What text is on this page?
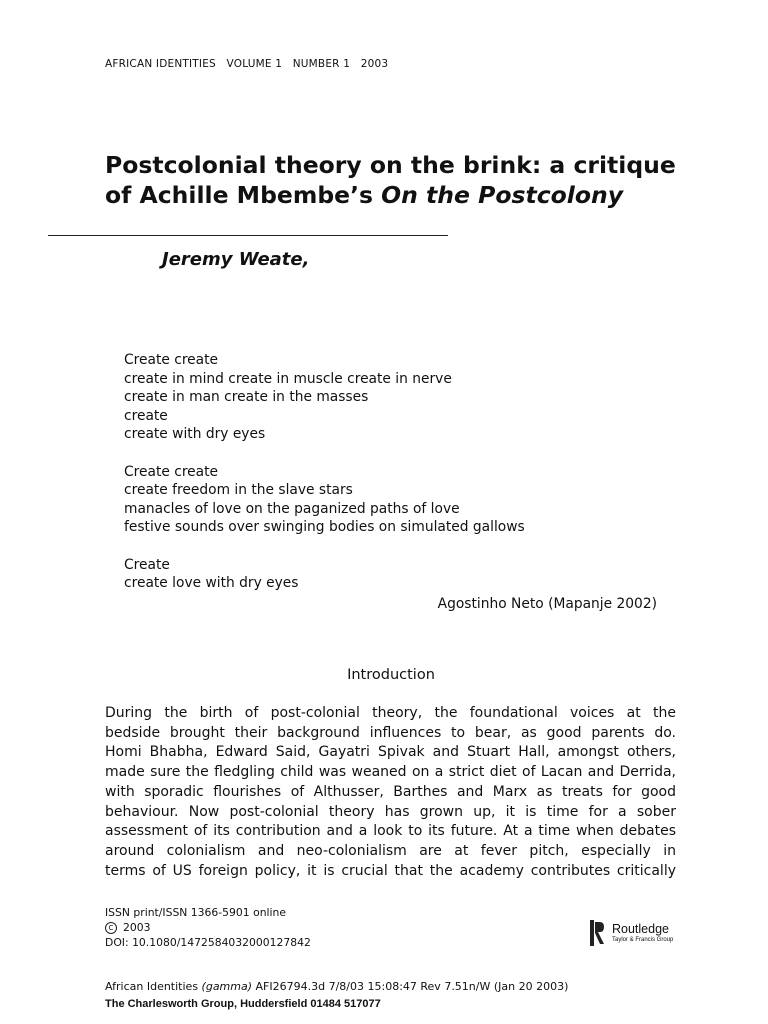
AFRICAN IDENTITIES   VOLUME 1   NUMBER 1   2003
Postcolonial theory on the brink: a critique
of Achille Mbembe’s On the Postcolony
Jeremy Weate,
Create create
create in mind create in muscle create in nerve
create in man create in the masses
create
create with dry eyes
Create create
create freedom in the slave stars
manacles of love on the paganized paths of love
festive sounds over swinging bodies on simulated gallows
Create
create love with dry eyes
Agostinho Neto (Mapanje 2002)
Introduction
During the birth of post-colonial theory, the foundational voices at the
bedside brought their background influences to bear, as good parents do.
Homi Bhabha, Edward Said, Gayatri Spivak and Stuart Hall, amongst others,
made sure the fledgling child was weaned on a strict diet of Lacan and Derrida,
with sporadic flourishes of Althusser, Barthes and Marx as treats for good
behaviour. Now post-colonial theory has grown up, it is time for a sober
assessment of its contribution and a look to its future. At a time when debates
around colonialism and neo-colonialism are at fever pitch, especially in
terms of US foreign policy, it is crucial that the academy contributes critically
ISSN print/ISSN 1366-5901 online
C 2003
DOI: 10.1080/1472584032000127842
Routledge
Taylor & Francis Group
African Identities (gamma) AFI26794.3d 7/8/03 15:08:47 Rev 7.51n/W (Jan 20 2003)
The Charlesworth Group, Huddersfield 01484 517077
